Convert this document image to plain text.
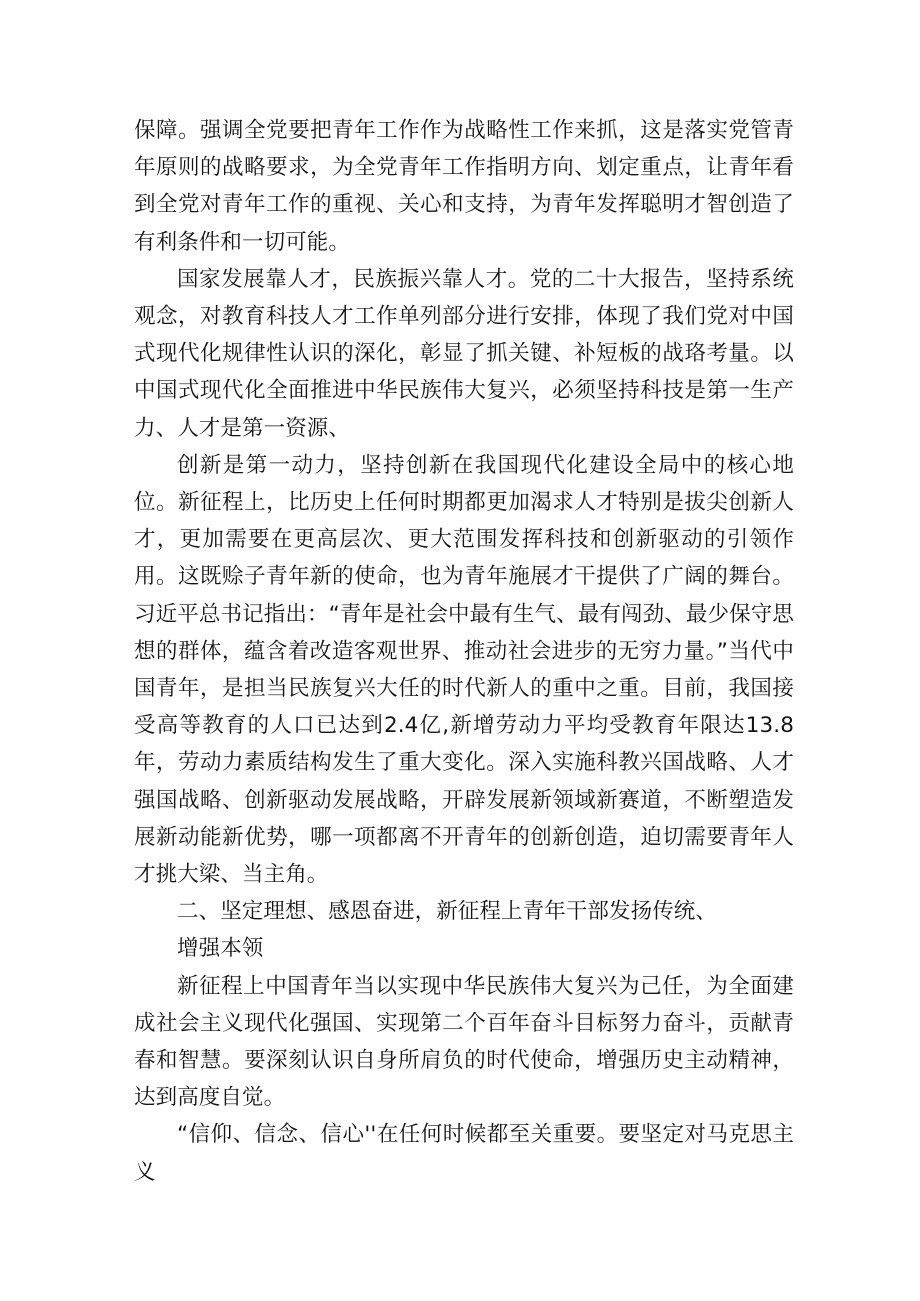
保障。强调全党要把青年工作作为战略性工作来抓，这是落实党管青年原则的战略要求，为全党青年工作指明方向、划定重点，让青年看到全党对青年工作的重视、关心和支持，为青年发挥聪明才智创造了有利条件和一切可能。

国家发展靠人才，民族振兴靠人才。党的二十大报告，坚持系统观念，对教育科技人才工作单列部分进行安排，体现了我们党对中国式现代化规律性认识的深化，彰显了抓关键、补短板的战珞考量。以中国式现代化全面推进中华民族伟大复兴，必须坚持科技是第一生产力、人才是第一资源、

创新是第一动力，坚持创新在我国现代化建设全局中的核心地位。新征程上，比历史上任何时期都更加渴求人才特别是拔尖创新人才，更加需要在更高层次、更大范围发挥科技和创新驱动的引领作用。这既赊子青年新的使命，也为青年施展才干提供了广阔的舞台。习近平总书记指出：“青年是社会中最有生气、最有闯劲、最少保守思想的群体，蕴含着改造客观世界、推动社会进步的无穷力量。”当代中国青年，是担当民族复兴大任的时代新人的重中之重。目前，我国接受高等教育的人口已达到2.4亿,新增劳动力平均受教育年限达13.8年，劳动力素质结构发生了重大变化。深入实施科教兴国战略、人才强国战略、创新驱动发展战略，开辟发展新领域新赛道，不断塑造发展新动能新优势，哪一项都离不开青年的创新创造，迫切需要青年人才挑大梁、当主角。

二、坚定理想、感恩奋进，新征程上青年干部发扬传统、

增强本领

新征程上中国青年当以实现中华民族伟大复兴为己任，为全面建成社会主义现代化强国、实现第二个百年奋斗目标努力奋斗，贡献青春和智慧。要深刻认识自身所肩负的时代使命，增强历史主动精神，达到高度自觉。

“信仰、信念、信心''在任何时候都至关重要。要坚定对马克思主义
